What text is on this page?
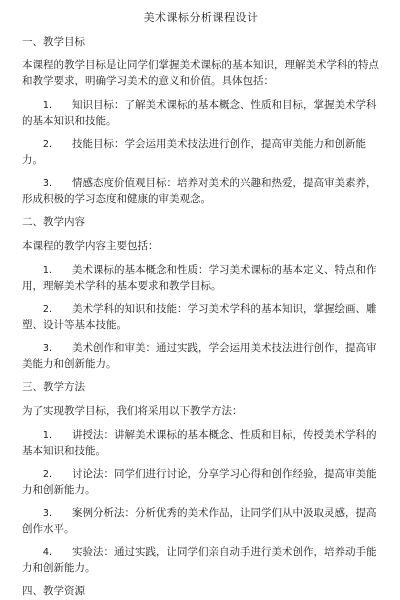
美术课标分析课程设计
一、教学目标
本课程的教学目标是让同学们掌握美术课标的基本知识，理解美术学科的特点和教学要求，明确学习美术的意义和价值。具体包括：
1 . 知识目标：了解美术课标的基本概念、性质和目标，掌握美术学科的基本知识和技能。
2 . 技能目标：学会运用美术技法进行创作，提高审美能力和创新能力。
3 . 情感态度价值观目标：培养对美术的兴趣和热爱，提高审美素养，形成积极的学习态度和健康的审美观念。
二、教学内容
本课程的教学内容主要包括：
1 . 美术课标的基本概念和性质：学习美术课标的基本定义、特点和作用，理解美术学科的基本要求和教学目标。
2 . 美术学科的知识和技能：学习美术学科的基本知识，掌握绘画、雕塑、设计等基本技能。
3 . 美术创作和审美：通过实践，学会运用美术技法进行创作，提高审美能力和创新能力。
三、教学方法
为了实现教学目标，我们将采用以下教学方法：
1 . 讲授法：讲解美术课标的基本概念、性质和目标，传授美术学科的基本知识和技能。
2 . 讨论法：同学们进行讨论，分享学习心得和创作经验，提高审美能力和创新能力。
3 . 案例分析法：分析优秀的美术作品，让同学们从中汲取灵感，提高创作水平。
4 . 实验法：通过实践，让同学们亲自动手进行美术创作，培养动手能力和创新能力。
四、教学资源
